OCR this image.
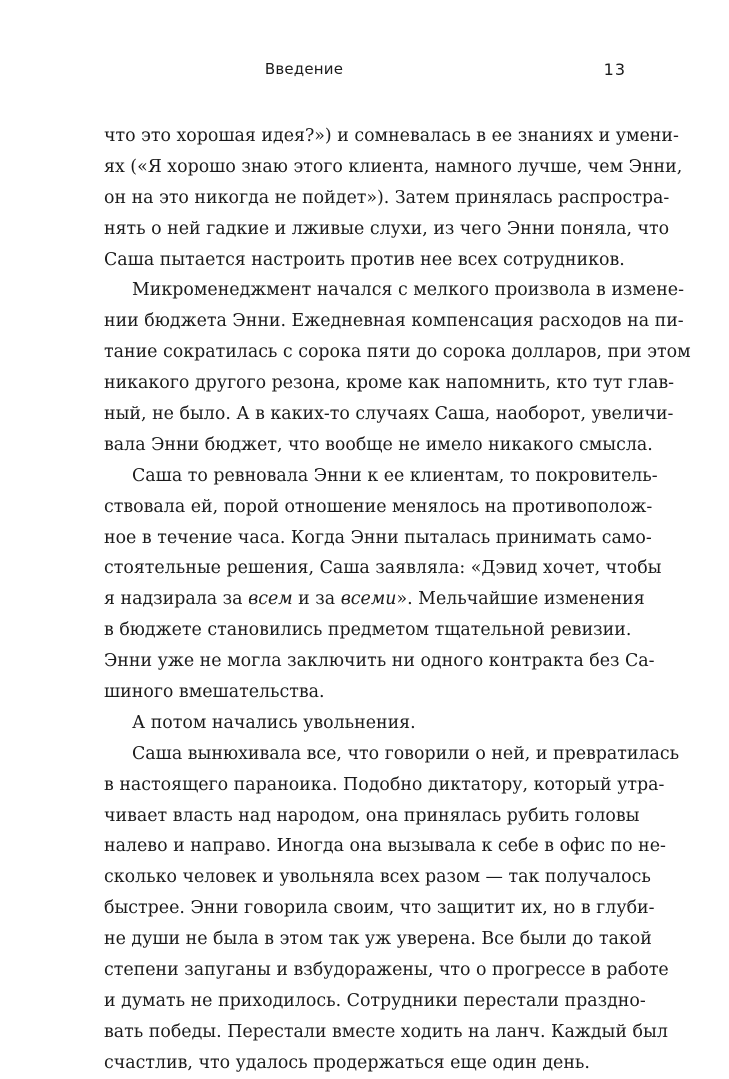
Введение	13
что это хорошая идея?») и сомневалась в ее знаниях и умени-
ях («Я хорошо знаю этого клиента, намного лучше, чем Энни,
он на это никогда не пойдет»). Затем принялась распростра-
нять о ней гадкие и лживые слухи, из чего Энни поняла, что
Саша пытается настроить против нее всех сотрудников.
Микроменеджмент начался с мелкого произвола в изменe-
нии бюджета Энни. Ежедневная компенсация расходов на пи-
тание сократилась с сорока пяти до сорока долларов, при этом
никакого другого резона, кроме как напомнить, кто тут глав-
ный, не было. А в каких-то случаях Саша, наоборот, увеличи-
вала Энни бюджет, что вообще не имело никакого смысла.
Саша то ревновала Энни к ее клиентам, то покровитель-
ствовала ей, порой отношение менялось на противополож-
ное в течение часа. Когда Энни пыталась принимать само-
стоятельные решения, Саша заявляла: «Дэвид хочет, чтобы
я надзирала за всем и за всеми». Мельчайшие изменения
в бюджете становились предметом тщательной ревизии.
Энни уже не могла заключить ни одного контракта без Са-
шиного вмешательства.
А потом начались увольнения.
Саша вынюхивала все, что говорили о ней, и превратилась
в настоящего параноика. Подобно диктатору, который утра-
чивает власть над народом, она принялась рубить головы
налево и направо. Иногда она вызывала к себе в офис по не-
сколько человек и увольняла всех разом — так получалось
быстрее. Энни говорила своим, что защитит их, но в глуби-
не души не была в этом так уж уверена. Все были до такой
степени запуганы и взбудоражены, что о прогрессе в работе
и думать не приходилось. Сотрудники перестали праздно-
вать победы. Перестали вместе ходить на ланч. Каждый был
счастлив, что удалось продержаться еще один день.
